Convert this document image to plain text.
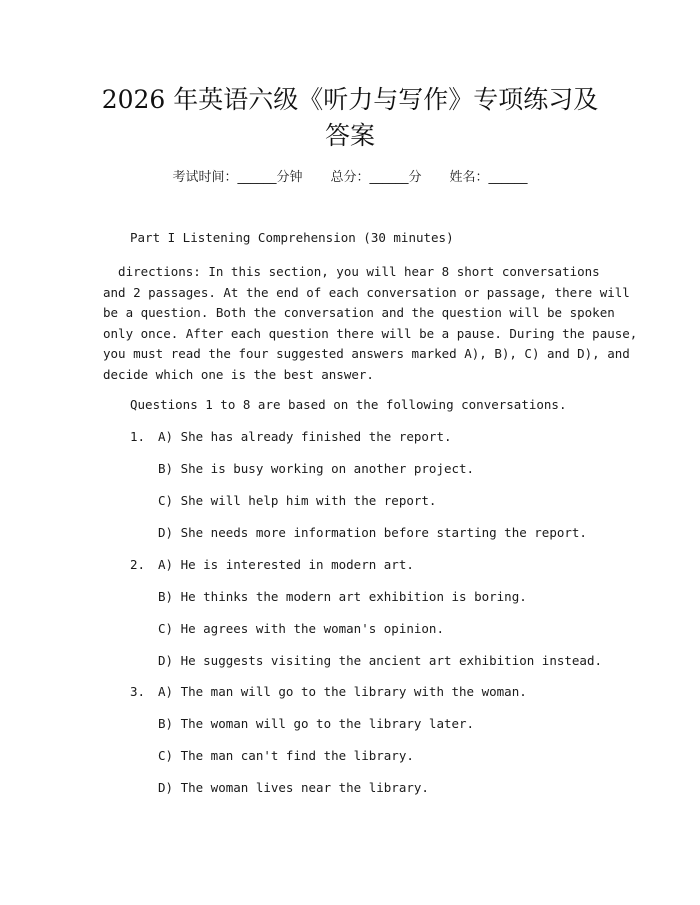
2026 年英语六级《听力与写作》专项练习及
答案
考试时间：______分钟 总分：______分 姓名：______
Part I Listening Comprehension (30 minutes)
directions: In this section, you will hear 8 short conversations
and 2 passages. At the end of each conversation or passage, there will
be a question. Both the conversation and the question will be spoken
only once. After each question there will be a pause. During the pause,
you must read the four suggested answers marked A), B), C) and D), and
decide which one is the best answer.
Questions 1 to 8 are based on the following conversations.
1. A) She has already finished the report.
B) She is busy working on another project.
C) She will help him with the report.
D) She needs more information before starting the report.
2. A) He is interested in modern art.
B) He thinks the modern art exhibition is boring.
C) He agrees with the woman's opinion.
D) He suggests visiting the ancient art exhibition instead.
3. A) The man will go to the library with the woman.
B) The woman will go to the library later.
C) The man can't find the library.
D) The woman lives near the library.
